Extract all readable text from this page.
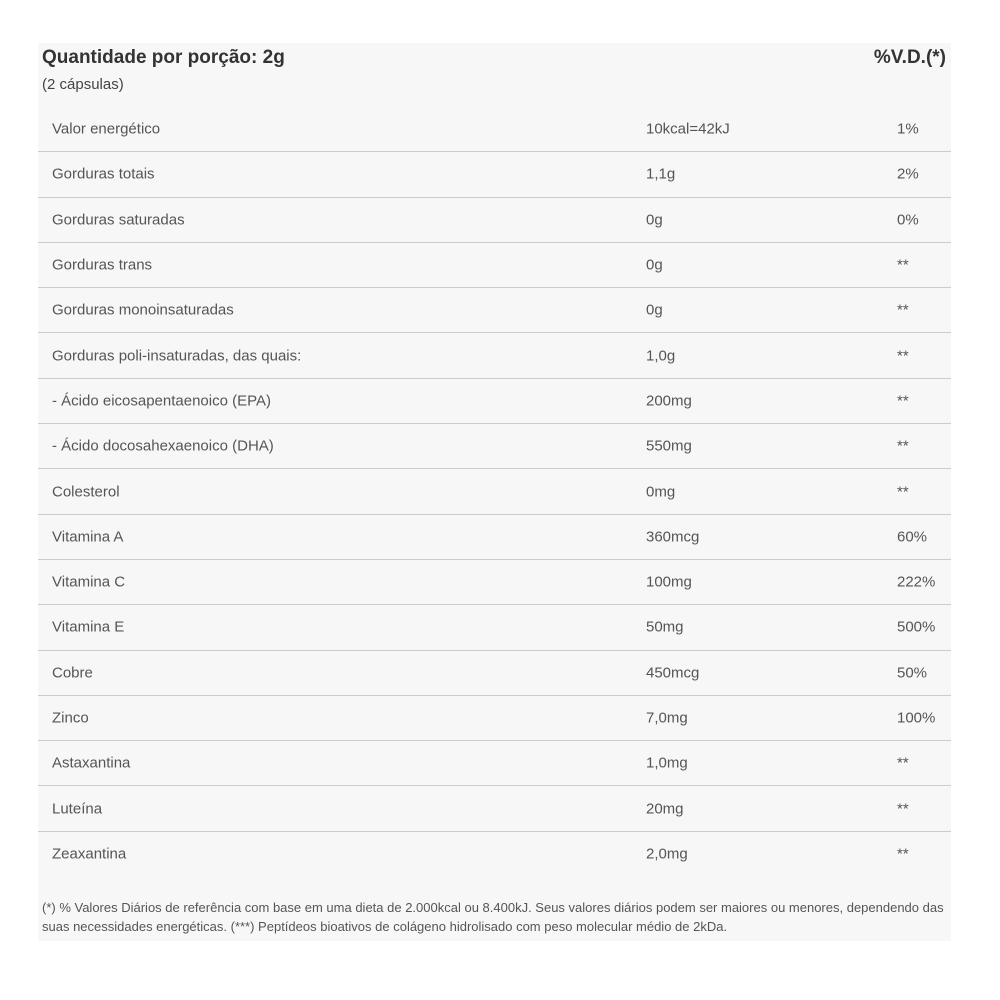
Quantidade por porção: 2g
(2 cápsulas)
%V.D.(*)
Valor energético	10kcal=42kJ	1%
Gorduras totais	1,1g	2%
Gorduras saturadas	0g	0%
Gorduras trans	0g	**
Gorduras monoinsaturadas	0g	**
Gorduras poli-insaturadas, das quais:	1,0g	**
- Ácido eicosapentaenoico (EPA)	200mg	**
- Ácido docosahexaenoico (DHA)	550mg	**
Colesterol	0mg	**
Vitamina A	360mcg	60%
Vitamina C	100mg	222%
Vitamina E	50mg	500%
Cobre	450mcg	50%
Zinco	7,0mg	100%
Astaxantina	1,0mg	**
Luteína	20mg	**
Zeaxantina	2,0mg	**
(*) % Valores Diários de referência com base em uma dieta de 2.000kcal ou 8.400kJ. Seus valores diários podem ser maiores ou menores, dependendo das suas necessidades energéticas. (***) Peptídeos bioativos de colágeno hidrolisado com peso molecular médio de 2kDa.
